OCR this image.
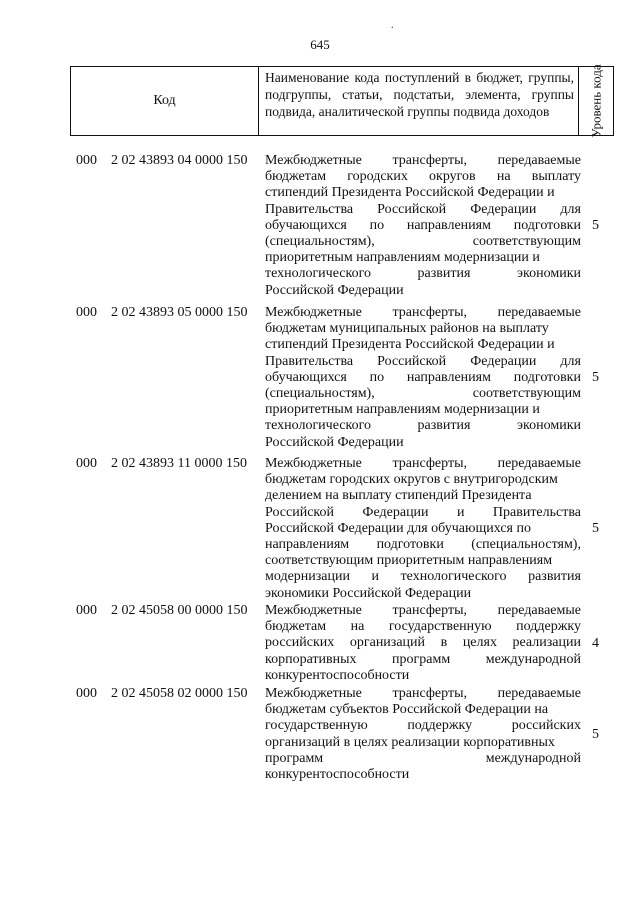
.
645
Код
Наименование кода поступлений в бюджет, группы, подгруппы, статьи, подстатьи, элемента, группы подвида, аналитической группы подвида доходов	Уровень кода
000 2 02 43893 04 0000 150 Межбюджетные трансферты, передаваемые
бюджетам городских округов на выплату
стипендий Президента Российской Федерации и
Правительства Российской Федерации для
обучающихся по направлениям подготовки
(специальностям),	соответствующим
приоритетным направлениям модернизации и
технологического	развития	экономики
Российской Федерации
5
000 2 02 43893 05 0000 150 Межбюджетные трансферты, передаваемые
бюджетам муниципальных районов на выплату
стипендий Президента Российской Федерации и
Правительства Российской Федерации для
обучающихся по направлениям подготовки
(специальностям),	соответствующим
приоритетным направлениям модернизации и
технологического	развития	экономики
Российской Федерации
5
000 2 02 43893 11 0000 150 Межбюджетные трансферты, передаваемые
бюджетам городских округов с внутригородским
делением на выплату стипендий Президента
Российской Федерации и Правительства
Российской Федерации для обучающихся по
направлениям подготовки (специальностям),
соответствующим приоритетным направлениям
модернизации и технологического развития
экономики Российской Федерации
5
000 2 02 45058 00 0000 150 Межбюджетные трансферты, передаваемые
бюджетам на государственную поддержку
российских организаций в целях реализации
корпоративных	программ	международной
конкурентоспособности
4
000 2 02 45058 02 0000 150 Межбюджетные трансферты, передаваемые
бюджетам субъектов Российской Федерации на
государственную	поддержку	российских
организаций в целях реализации корпоративных
программ	международной
конкурентоспособности
5
